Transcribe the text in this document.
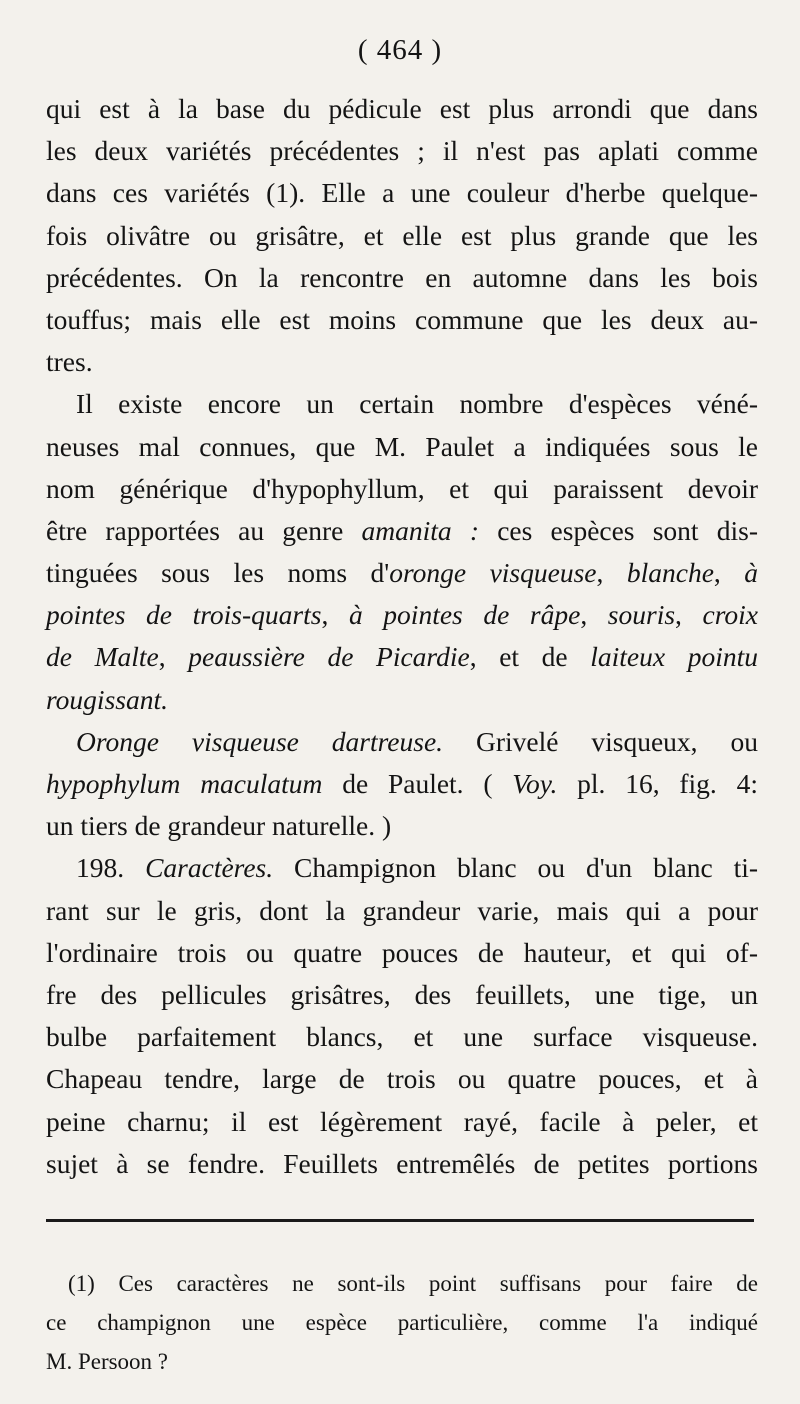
( 464 )
qui est à la base du pédicule est plus arrondi que dans
les deux variétés précédentes ; il n'est pas aplati comme
dans ces variétés (1). Elle a une couleur d'herbe quelque-
fois olivâtre ou grisâtre, et elle est plus grande que les
précédentes. On la rencontre en automne dans les bois
touffus; mais elle est moins commune que les deux au-
tres.
Il existe encore un certain nombre d'espèces véné-
neuses mal connues, que M. Paulet a indiquées sous le
nom générique d'hypophyllum, et qui paraissent devoir
être rapportées au genre amanita : ces espèces sont dis-
tinguées sous les noms d'oronge visqueuse, blanche, à
pointes de trois-quarts, à pointes de râpe, souris, croix
de Malte, peaussière de Picardie, et de laiteux pointu
rougissant.
Oronge visqueuse dartreuse. Grivelé visqueux, ou
hypophylum maculatum de Paulet. ( Voy. pl. 16, fig. 4:
un tiers de grandeur naturelle. )
198. Caractères. Champignon blanc ou d'un blanc ti-
rant sur le gris, dont la grandeur varie, mais qui a pour
l'ordinaire trois ou quatre pouces de hauteur, et qui of-
fre des pellicules grisâtres, des feuillets, une tige, un
bulbe parfaitement blancs, et une surface visqueuse.
Chapeau tendre, large de trois ou quatre pouces, et à
peine charnu; il est légèrement rayé, facile à peler, et
sujet à se fendre. Feuillets entremêlés de petites portions
(1) Ces caractères ne sont-ils point suffisans pour faire de
ce champignon une espèce particulière, comme l'a indiqué
M. Persoon ?
